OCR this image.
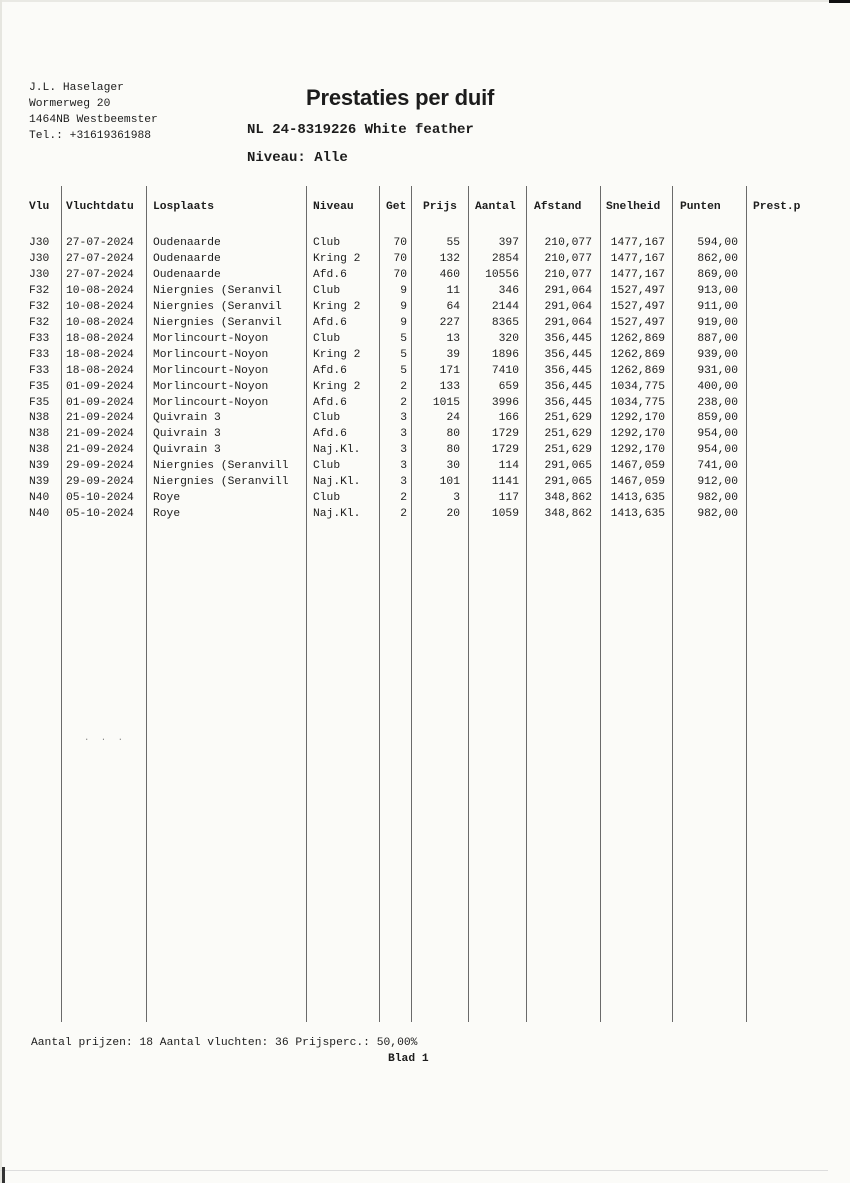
J.L. Haselager
Wormerweg 20
1464NB Westbeemster
Tel.: +31619361988
Prestaties per duif
NL 24-8319226 White feather
Niveau: Alle
Vlu Vluchtdatu Losplaats	Niveau	Get Prijs Aantal Afstand Snelheid Punten	Prest.p
J30 27-07-2024 Oudenaarde	Club	70	55	397	210,077	1477,167	594,00
J30 27-07-2024 Oudenaarde	Kring 2	70	132	2854	210,077	1477,167	862,00
J30 27-07-2024 Oudenaarde	Afd.6	70	460	10556	210,077	1477,167	869,00
F32 10-08-2024 Niergnies (Seranvil	Club	9	11	346	291,064	1527,497	913,00
F32 10-08-2024 Niergnies (Seranvil	Kring 2	9	64	2144	291,064	1527,497	911,00
F32 10-08-2024 Niergnies (Seranvil	Afd.6	9	227	8365	291,064	1527,497	919,00
F33 18-08-2024 Morlincourt-Noyon	Club	5	13	320	356,445	1262,869	887,00
F33 18-08-2024 Morlincourt-Noyon	Kring 2	5	39	1896	356,445	1262,869	939,00
F33 18-08-2024 Morlincourt-Noyon	Afd.6	5	171	7410	356,445	1262,869	931,00
F35 01-09-2024 Morlincourt-Noyon	Kring 2	2	133	659	356,445	1034,775	400,00
F35 01-09-2024 Morlincourt-Noyon	Afd.6	2	1015	3996	356,445	1034,775	238,00
N38 21-09-2024 Quivrain 3	Club	3	24	166	251,629	1292,170	859,00
N38 21-09-2024 Quivrain 3	Afd.6	3	80	1729	251,629	1292,170	954,00
N38 21-09-2024 Quivrain 3	Naj.Kl.	3	80	1729	251,629	1292,170	954,00
N39 29-09-2024 Niergnies (Seranvill	Club	3	30	114	291,065	1467,059	741,00
N39 29-09-2024 Niergnies (Seranvill	Naj.Kl.	3	101	1141	291,065	1467,059	912,00
N40 05-10-2024 Roye	Club	2	3	117	348,862	1413,635	982,00
N40 05-10-2024 Roye	Naj.Kl.	2	20	1059	348,862	1413,635	982,00
. . .
Aantal prijzen: 18 Aantal vluchten: 36 Prijsperc.: 50,00%
Blad 1
